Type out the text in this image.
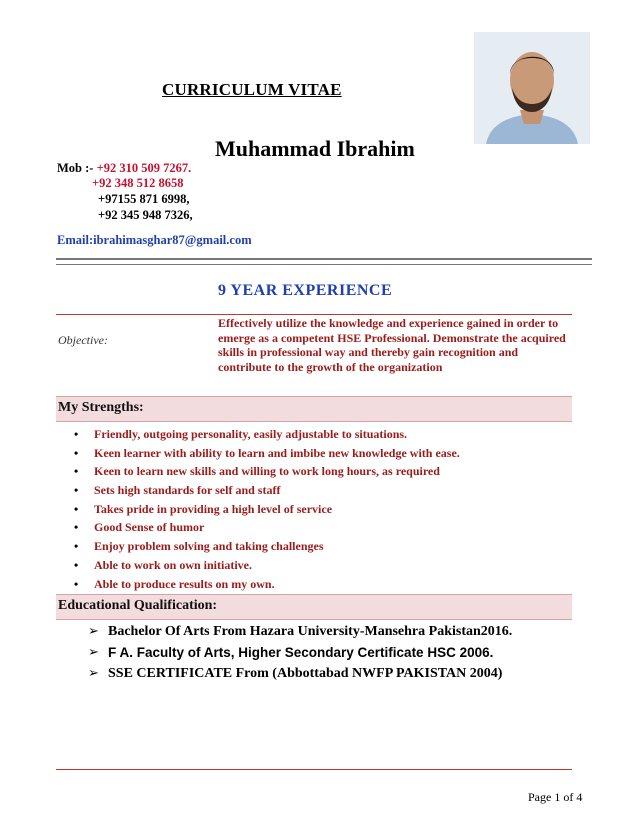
CURRICULUM VITAE
Muhammad Ibrahim
Mob :- +92 310 509 7267.
+92 348 512 8658
+97155 871 6998,
+92 345 948 7326,
Email:ibrahimasghar87@gmail.com
9 YEAR EXPERIENCE
Objective:
Effectively utilize the knowledge and experience gained in order to emerge as a competent HSE Professional. Demonstrate the acquired skills in professional way and thereby gain recognition and contribute to the growth of the organization
My Strengths:
• Friendly, outgoing personality, easily adjustable to situations.
• Keen learner with ability to learn and imbibe new knowledge with ease.
• Keen to learn new skills and willing to work long hours, as required
• Sets high standards for self and staff
• Takes pride in providing a high level of service
• Good Sense of humor
• Enjoy problem solving and taking challenges
• Able to work on own initiative.
• Able to produce results on my own.
Educational Qualification:
➢ Bachelor Of Arts From Hazara University-Mansehra Pakistan2016.
➢ F A. Faculty of Arts, Higher Secondary Certificate HSC 2006.
➢ SSE CERTIFICATE From (Abbottabad NWFP PAKISTAN 2004)
Page 1 of 4
